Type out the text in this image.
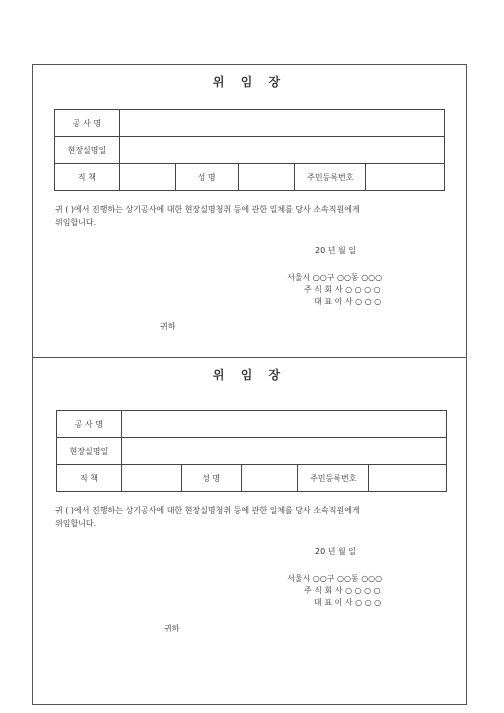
위 임 장
공 사 명					
현장실명일					
직 책		성 명		주민등록번호	
귀 ( )에서 진행하는 상기공사에 대한 현장실명청취 등에 관한 일체를 당사 소속직원에게
위임합니다.
20 년 월 일
서울시 ○○구 ○○동 ○○○
주 식 회 사 ○ ○ ○ ○
대 표 이 사 ○ ○ ○
귀하
위 임 장
공 사 명					
현장실명일					
직 책		성 명		주민등록번호	
귀 ( )에서 진행하는 상기공사에 대한 현장실명청취 등에 관한 일체를 당사 소속직원에게
위임합니다.
20 년 월 일
서울시 ○○구 ○○동 ○○○
주 식 회 사 ○ ○ ○ ○
대 표 이 사 ○ ○ ○
귀하
